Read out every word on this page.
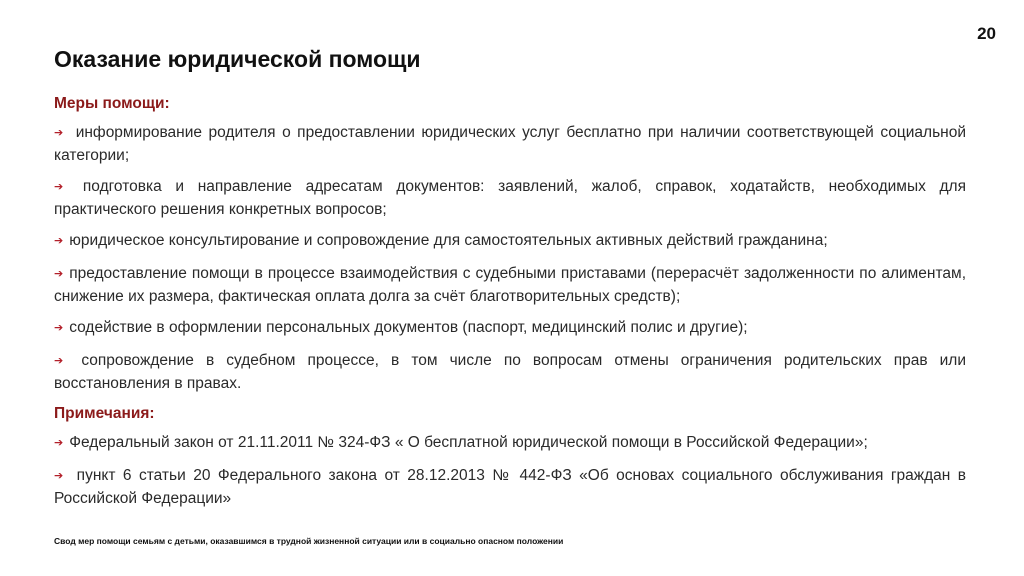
20
Оказание юридической помощи
Меры помощи:
➔ информирование родителя о предоставлении юридических услуг бесплатно при наличии соответствующей социальной категории;
➔ подготовка и направление адресатам документов: заявлений, жалоб, справок, ходатайств, необходимых для практического решения конкретных вопросов;
➔ юридическое консультирование и сопровождение для самостоятельных активных действий гражданина;
➔ предоставление помощи в процессе взаимодействия с судебными приставами (перерасчёт задолженности по алиментам, снижение их размера, фактическая оплата долга за счёт благотворительных средств);
➔ содействие в оформлении персональных документов (паспорт, медицинский полис и другие);
➔ сопровождение в судебном процессе, в том числе по вопросам отмены ограничения родительских прав или восстановления в правах.
Примечания:
➔ Федеральный закон от 21.11.2011 № 324-ФЗ « О бесплатной юридической помощи в Российской Федерации»;
➔ пункт 6 статьи 20 Федерального закона от 28.12.2013 № 442-ФЗ «Об основах социального обслуживания граждан в Российской Федерации»
Свод мер помощи семьям с детьми, оказавшимся в трудной жизненной ситуации или в социально опасном положении
